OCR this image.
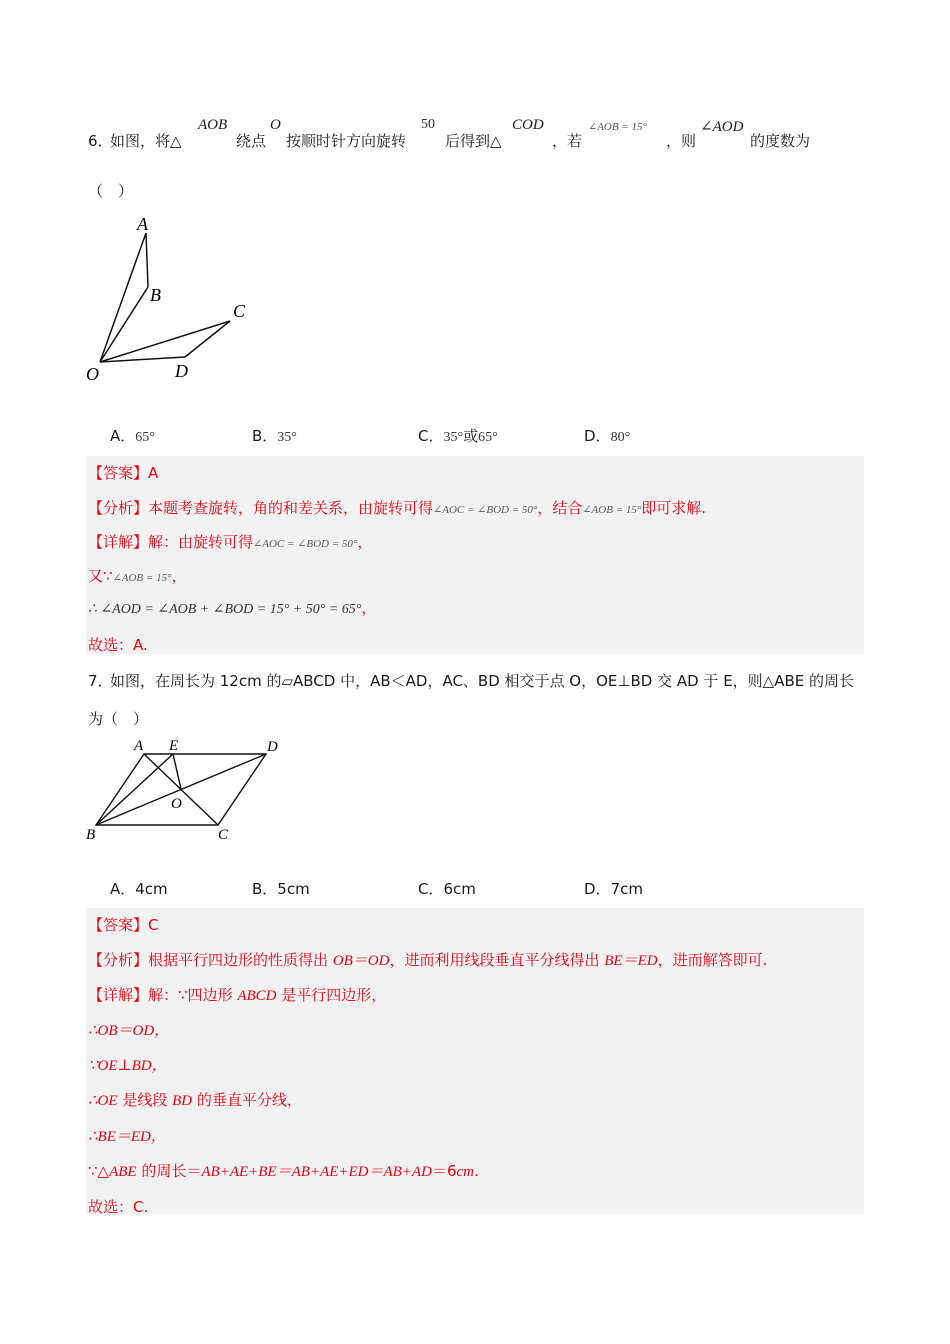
6．
如图，将△
AOB
绕点
O
按顺时针方向旋转
50
后得到△
COD
，若
∠AOB = 15°
，则
∠AOD
的度数为
（　）
A
B
C
D
O
A．65°	B．35°	C．35°或65°	D．80°
【答案】A
【分析】本题考查旋转，角的和差关系，由旋转可得∠AOC = ∠BOD = 50°，结合∠AOB = 15°即可求解.
【详解】解：由旋转可得∠AOC = ∠BOD = 50°，
又∵∠AOB = 15°，
∴ ∠AOD = ∠AOB + ∠BOD = 15° + 50° = 65°，
故选：A.
7．
如图，在周长为 12cm 的▱ABCD 中，AB＜AD，AC、BD 相交于点 O，OE⊥BD 交 AD 于 E，则△ABE 的周长
为（　）
A E	D
O
B	C
A．4cm	B．5cm	C．6cm	D．7cm
【答案】C
【分析】根据平行四边形的性质得出 OB＝OD，进而利用线段垂直平分线得出 BE＝ED，进而解答即可.
【详解】解：∵四边形 ABCD 是平行四边形，
∴OB＝OD，
∵OE⊥BD，
∴OE 是线段 BD 的垂直平分线，
∴BE＝ED，
∵△ABE 的周长＝AB+AE+BE＝AB+AE+ED＝AB+AD＝6cm.
故选：C.
